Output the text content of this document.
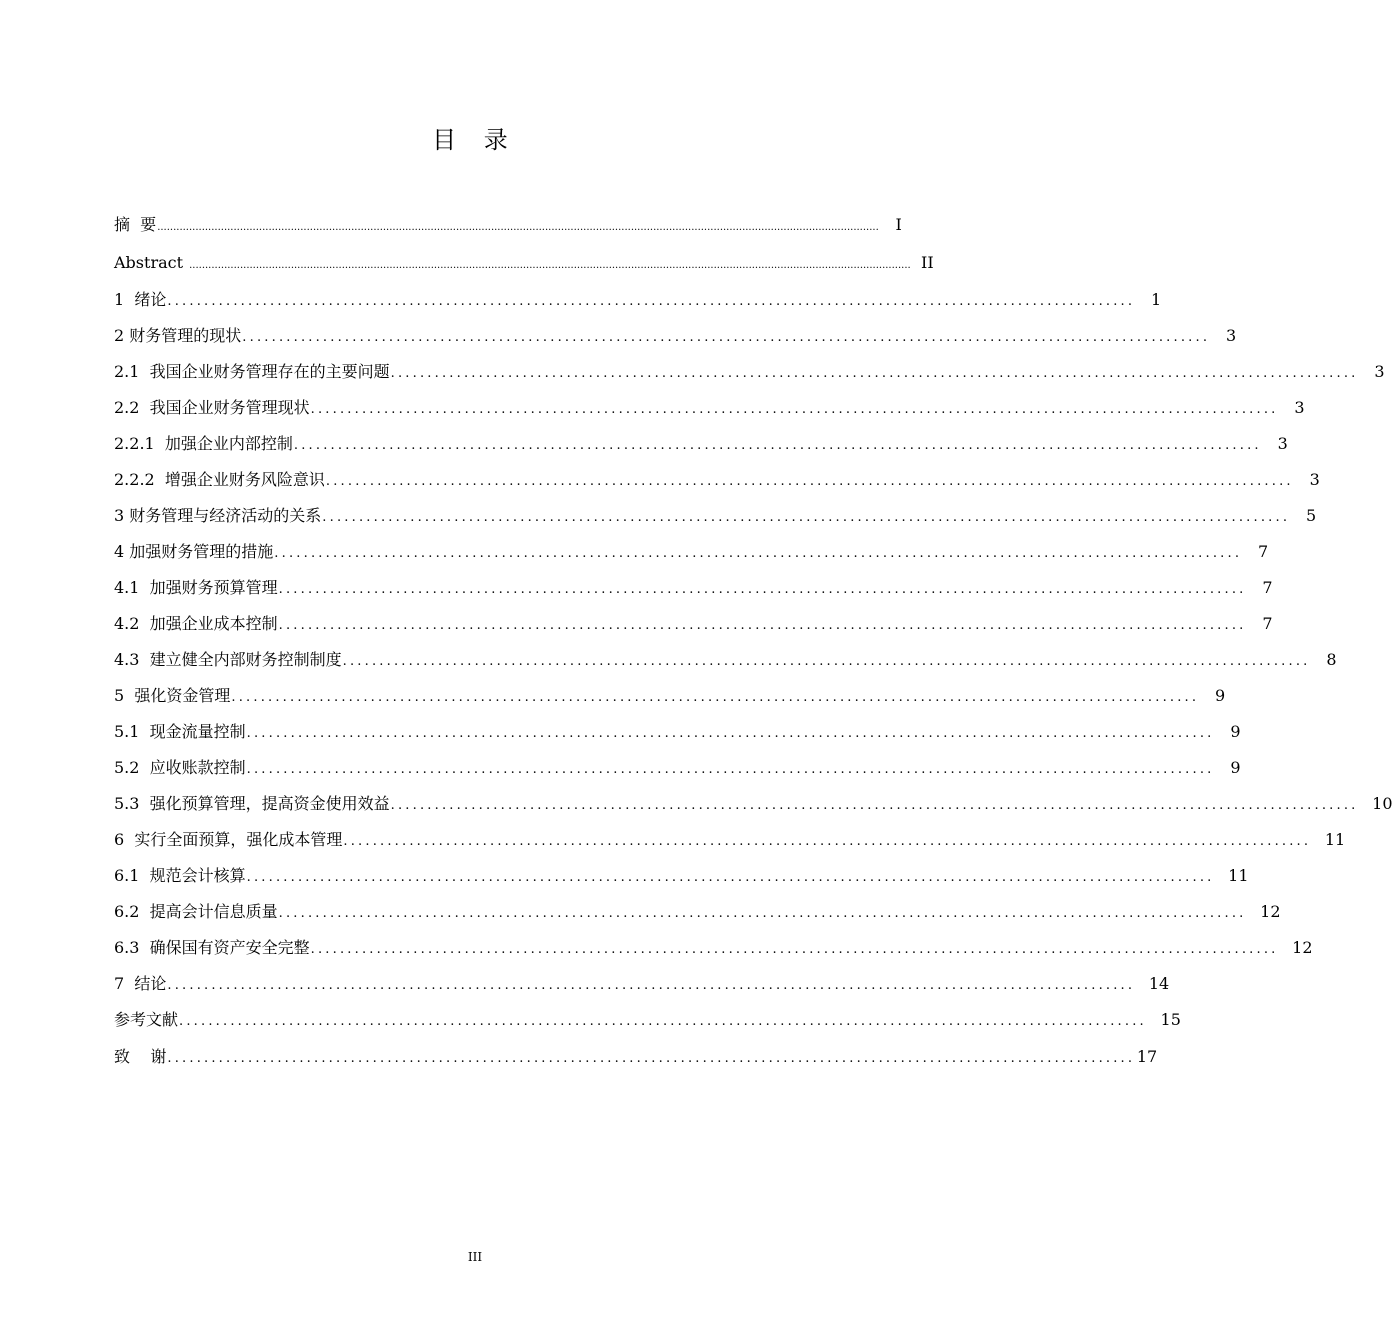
目 录
摘  要 ...................................................................................................................................................................................................................................	I
Abstract ................................................................................................................................................................................................................................... II
1  绪论 .................................................................................................................................... 1
2 财务管理的现状 .................................................................................................................................... 3
2.1  我国企业财务管理存在的主要问题 .................................................................................................................................... 3
2.2  我国企业财务管理现状 .................................................................................................................................... 3
2.2.1  加强企业内部控制 .................................................................................................................................... 3
2.2.2  增强企业财务风险意识 .................................................................................................................................... 3
3 财务管理与经济活动的关系 .................................................................................................................................... 5
4 加强财务管理的措施 .................................................................................................................................... 7
4.1  加强财务预算管理 .................................................................................................................................... 7
4.2  加强企业成本控制 .................................................................................................................................... 7
4.3  建立健全内部财务控制制度 .................................................................................................................................... 8
5  强化资金管理 .................................................................................................................................... 9
5.1  现金流量控制 .................................................................................................................................... 9
5.2  应收账款控制 .................................................................................................................................... 9
5.3  强化预算管理，提高资金使用效益 .................................................................................................................................... 10
6  实行全面预算，强化成本管理 .................................................................................................................................... 11
6.1  规范会计核算 .................................................................................................................................... 11
6.2  提高会计信息质量 .................................................................................................................................... 12
6.3  确保国有资产安全完整 .................................................................................................................................... 12
7  结论 .................................................................................................................................... 14
参考文献 .................................................................................................................................... 15
致    谢 .................................................................................................................................... 17
III
